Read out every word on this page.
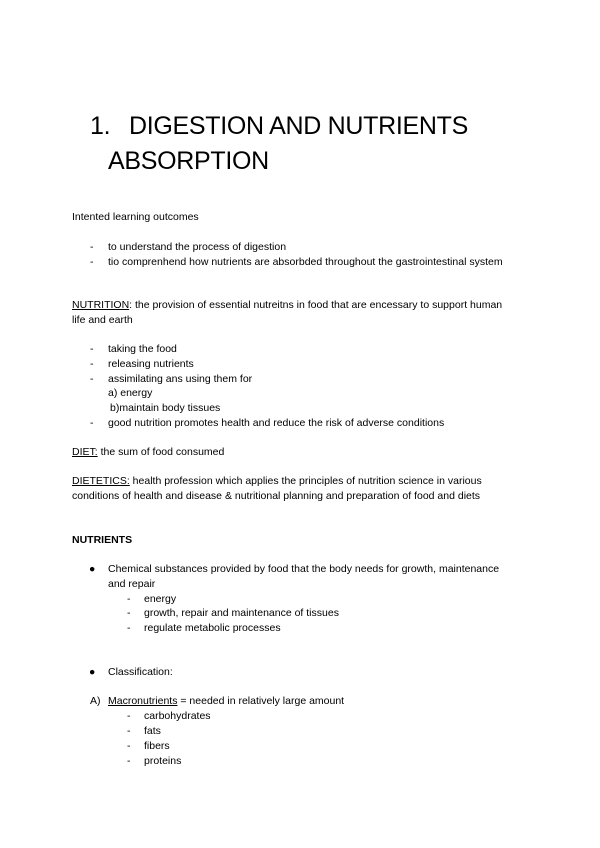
1. DIGESTION AND NUTRIENTS
ABSORPTION
Intented learning outcomes
- to understand the process of digestion
- tio comprenhend how nutrients are absorbded throughout the gastrointestinal system
NUTRITION: the provision of essential nutreitns in food that are encessary to support human
life and earth
- taking the food
- releasing nutrients
- assimilating ans using them for
a) energy
b)maintain body tissues
- good nutrition promotes health and reduce the risk of adverse conditions
DIET: the sum of food consumed
DIETETICS: health profession which applies the principles of nutrition science in various
conditions of health and disease & nutritional planning and preparation of food and diets
NUTRIENTS
● Chemical substances provided by food that the body needs for growth, maintenance
and repair
- energy
- growth, repair and maintenance of tissues
- regulate metabolic processes
● Classification:
A) Macronutrients = needed in relatively large amount
- carbohydrates
- fats
- fibers
- proteins
